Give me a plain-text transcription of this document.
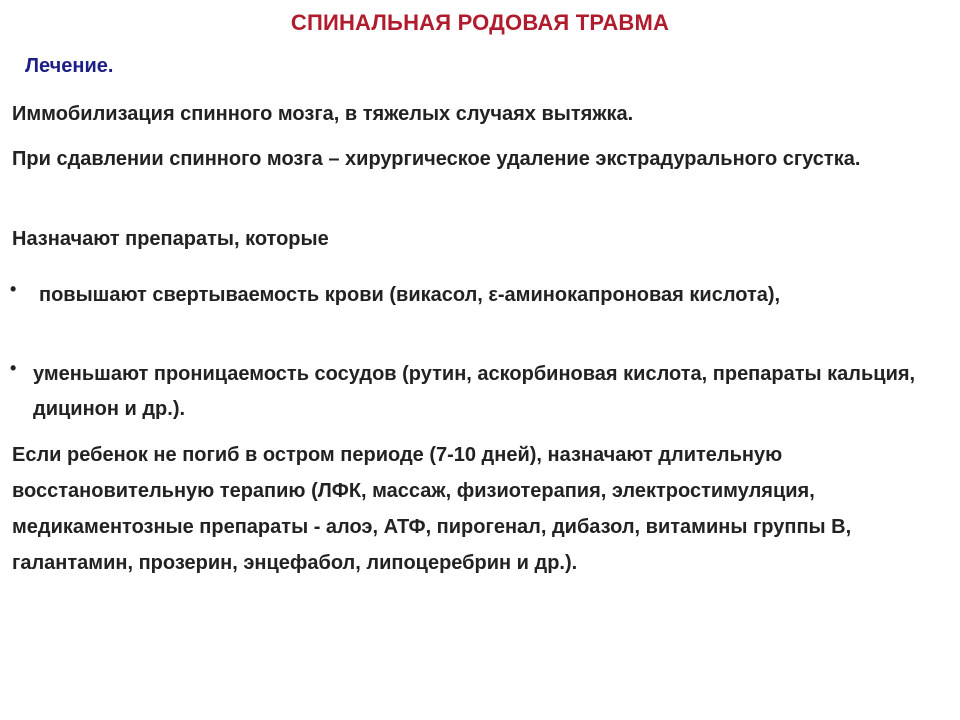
СПИНАЛЬНАЯ РОДОВАЯ ТРАВМА

Лечение.

Иммобилизация спинного мозга, в тяжелых случаях вытяжка.

При сдавлении спинного мозга – хирургическое удаление экстрадурального сгустка.

Назначают препараты, которые

•	повышают свертываемость крови (викасол, ε-аминокапроновая кислота),
• уменьшают проницаемость сосудов (рутин, аскорбиновая кислота, препараты кальция, дицинон и др.).

Если ребенок не погиб в остром периоде (7-10 дней), назначают длительную восстановительную терапию (ЛФК, массаж, физиотерапия, электростимуляция, медикаментозные препараты - алоэ, АТФ, пирогенал, дибазол, витамины группы В, галантамин, прозерин, энцефабол, липоцеребрин и др.).
